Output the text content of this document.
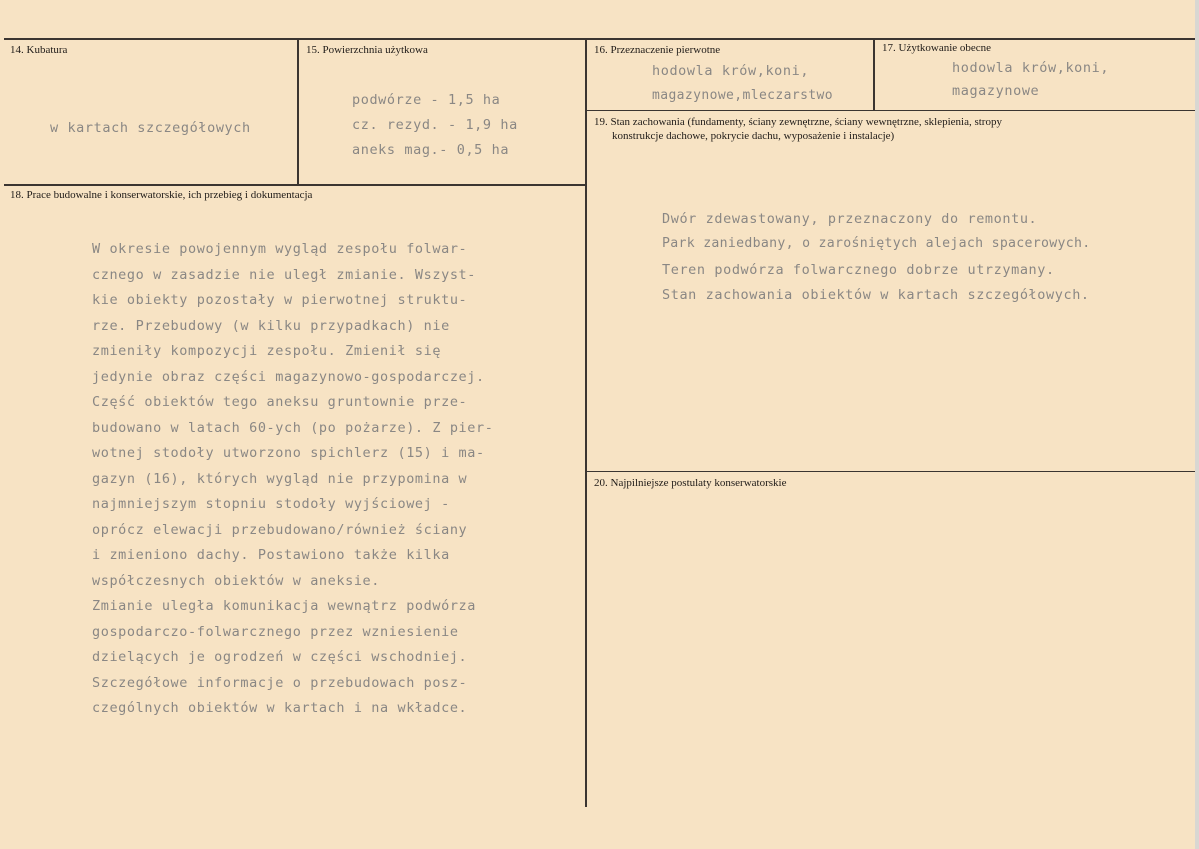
14. Kubatura
w kartach szczegółowych
15. Powierzchnia użytkowa
podwórze - 1,5 ha
cz. rezyd. - 1,9 ha
aneks mag.- 0,5 ha
16. Przeznaczenie pierwotne
hodowla krów,koni,
magazynowe,mleczarstwo
17. Użytkowanie obecne
hodowla krów,koni,
magazynowe
18. Prace budowalne i konserwatorskie, ich przebieg i dokumentacja
W okresie powojennym wygląd zespołu folwar-
cznego w zasadzie nie uległ zmianie. Wszyst-
kie obiekty pozostały w pierwotnej struktu-
rze. Przebudowy (w kilku przypadkach) nie
zmieniły kompozycji zespołu. Zmienił się
jedynie obraz części magazynowo-gospodarczej.
Część obiektów tego aneksu gruntownie prze-
budowano w latach 60-ych (po pożarze). Z pier-
wotnej stodoły utworzono spichlerz (15) i ma-
gazyn (16), których wygląd nie przypomina w
najmniejszym stopniu stodoły wyjściowej -
oprócz elewacji przebudowano/również ściany
i zmieniono dachy. Postawiono także kilka
współczesnych obiektów w aneksie.
Zmianie uległa komunikacja wewnątrz podwórza
gospodarczo-folwarcznego przez wzniesienie
dzielących je ogrodzeń w części wschodniej.
Szczegółowe informacje o przebudowach posz-
czególnych obiektów w kartach i na wkładce.
19. Stan zachowania (fundamenty, ściany zewnętrzne, ściany wewnętrzne, sklepienia, stropy
konstrukcje dachowe, pokrycie dachu, wyposażenie i instalacje)
Dwór zdewastowany, przeznaczony do remontu.
Park zaniedbany, o zarośniętych alejach spacerowych.
Teren podwórza folwarcznego dobrze utrzymany.
Stan zachowania obiektów w kartach szczegółowych.
20. Najpilniejsze postulaty konserwatorskie
